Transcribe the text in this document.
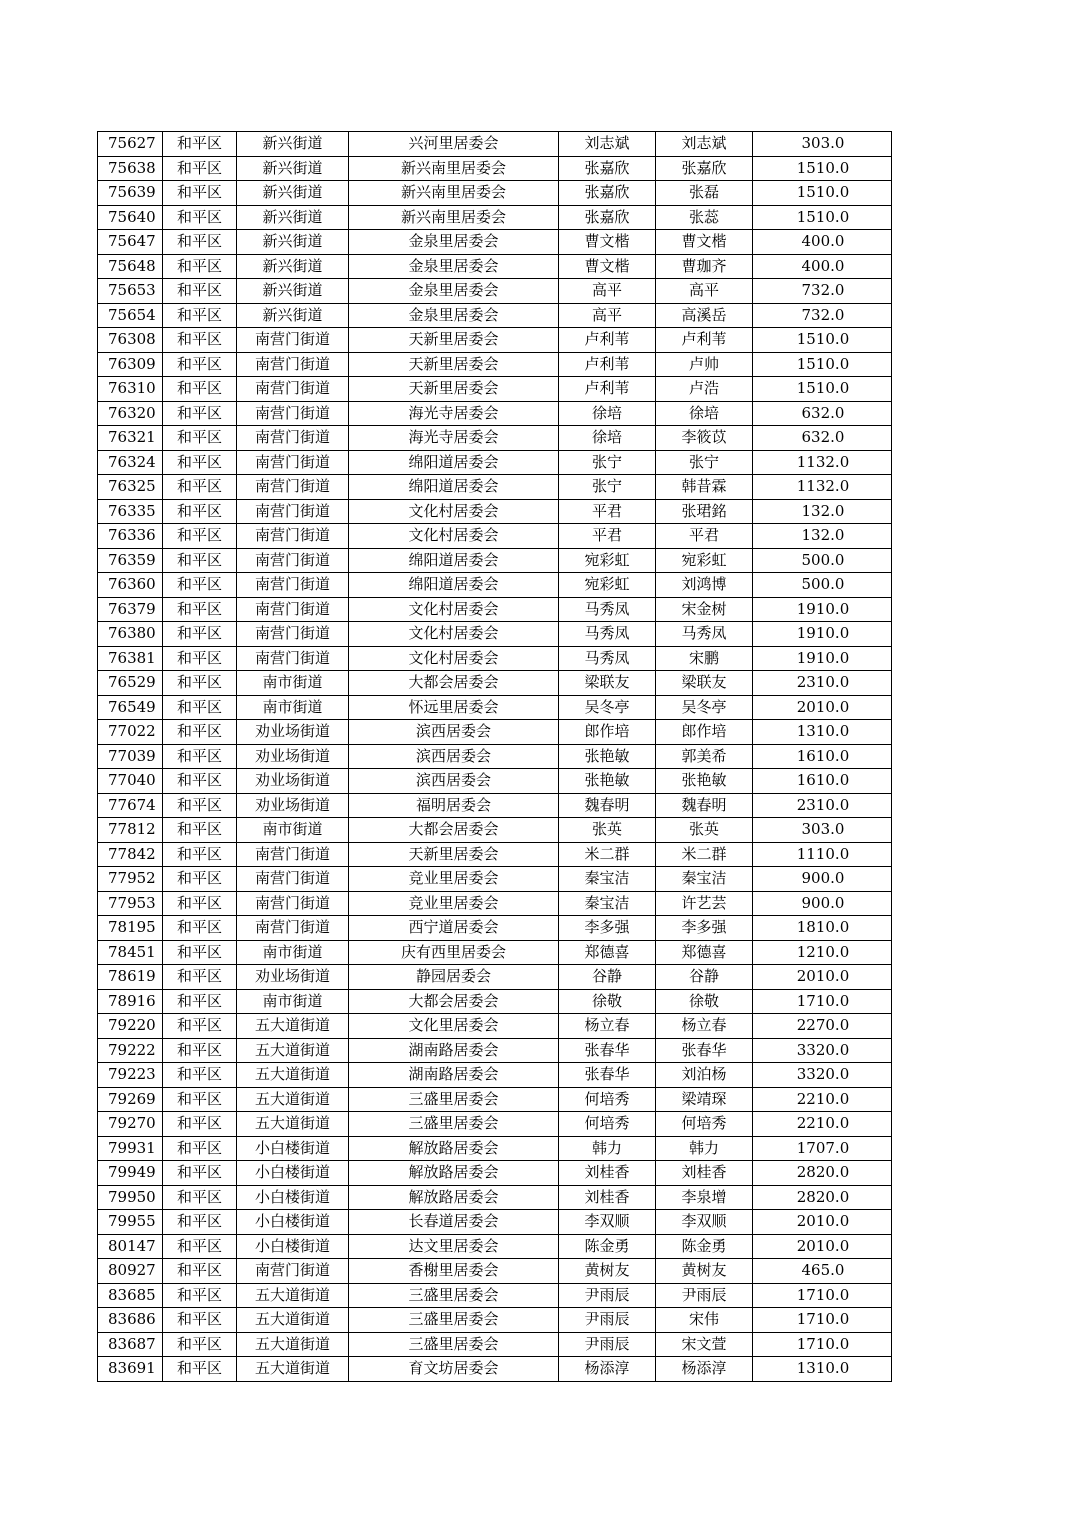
75627	和平区	新兴街道	兴河里居委会	刘志斌	刘志斌	303.0
75638	和平区	新兴街道	新兴南里居委会	张嘉欣	张嘉欣	1510.0
75639	和平区	新兴街道	新兴南里居委会	张嘉欣	张磊	1510.0
75640	和平区	新兴街道	新兴南里居委会	张嘉欣	张蕊	1510.0
75647	和平区	新兴街道	金泉里居委会	曹文楷	曹文楷	400.0
75648	和平区	新兴街道	金泉里居委会	曹文楷	曹珈齐	400.0
75653	和平区	新兴街道	金泉里居委会	高平	高平	732.0
75654	和平区	新兴街道	金泉里居委会	高平	高溪岳	732.0
76308	和平区	南营门街道	天新里居委会	卢利苇	卢利苇	1510.0
76309	和平区	南营门街道	天新里居委会	卢利苇	卢帅	1510.0
76310	和平区	南营门街道	天新里居委会	卢利苇	卢浩	1510.0
76320	和平区	南营门街道	海光寺居委会	徐培	徐培	632.0
76321	和平区	南营门街道	海光寺居委会	徐培	李筱苡	632.0
76324	和平区	南营门街道	绵阳道居委会	张宁	张宁	1132.0
76325	和平区	南营门街道	绵阳道居委会	张宁	韩昔霖	1132.0
76335	和平区	南营门街道	文化村居委会	平君	张珺銘	132.0
76336	和平区	南营门街道	文化村居委会	平君	平君	132.0
76359	和平区	南营门街道	绵阳道居委会	宛彩虹	宛彩虹	500.0
76360	和平区	南营门街道	绵阳道居委会	宛彩虹	刘鸿博	500.0
76379	和平区	南营门街道	文化村居委会	马秀凤	宋金树	1910.0
76380	和平区	南营门街道	文化村居委会	马秀凤	马秀凤	1910.0
76381	和平区	南营门街道	文化村居委会	马秀凤	宋鹏	1910.0
76529	和平区	南市街道	大都会居委会	梁联友	梁联友	2310.0
76549	和平区	南市街道	怀远里居委会	吴冬亭	吴冬亭	2010.0
77022	和平区	劝业场街道	滨西居委会	郎作培	郎作培	1310.0
77039	和平区	劝业场街道	滨西居委会	张艳敏	郭美希	1610.0
77040	和平区	劝业场街道	滨西居委会	张艳敏	张艳敏	1610.0
77674	和平区	劝业场街道	福明居委会	魏春明	魏春明	2310.0
77812	和平区	南市街道	大都会居委会	张英	张英	303.0
77842	和平区	南营门街道	天新里居委会	米二群	米二群	1110.0
77952	和平区	南营门街道	竞业里居委会	秦宝洁	秦宝洁	900.0
77953	和平区	南营门街道	竞业里居委会	秦宝洁	许艺芸	900.0
78195	和平区	南营门街道	西宁道居委会	李多强	李多强	1810.0
78451	和平区	南市街道	庆有西里居委会	郑德喜	郑德喜	1210.0
78619	和平区	劝业场街道	静园居委会	谷静	谷静	2010.0
78916	和平区	南市街道	大都会居委会	徐敬	徐敬	1710.0
79220	和平区	五大道街道	文化里居委会	杨立春	杨立春	2270.0
79222	和平区	五大道街道	湖南路居委会	张春华	张春华	3320.0
79223	和平区	五大道街道	湖南路居委会	张春华	刘泊杨	3320.0
79269	和平区	五大道街道	三盛里居委会	何培秀	梁靖琛	2210.0
79270	和平区	五大道街道	三盛里居委会	何培秀	何培秀	2210.0
79931	和平区	小白楼街道	解放路居委会	韩力	韩力	1707.0
79949	和平区	小白楼街道	解放路居委会	刘桂香	刘桂香	2820.0
79950	和平区	小白楼街道	解放路居委会	刘桂香	李泉增	2820.0
79955	和平区	小白楼街道	长春道居委会	李双顺	李双顺	2010.0
80147	和平区	小白楼街道	达文里居委会	陈金勇	陈金勇	2010.0
80927	和平区	南营门街道	香榭里居委会	黄树友	黄树友	465.0
83685	和平区	五大道街道	三盛里居委会	尹雨辰	尹雨辰	1710.0
83686	和平区	五大道街道	三盛里居委会	尹雨辰	宋伟	1710.0
83687	和平区	五大道街道	三盛里居委会	尹雨辰	宋文萱	1710.0
83691	和平区	五大道街道	育文坊居委会	杨添淳	杨添淳	1310.0
